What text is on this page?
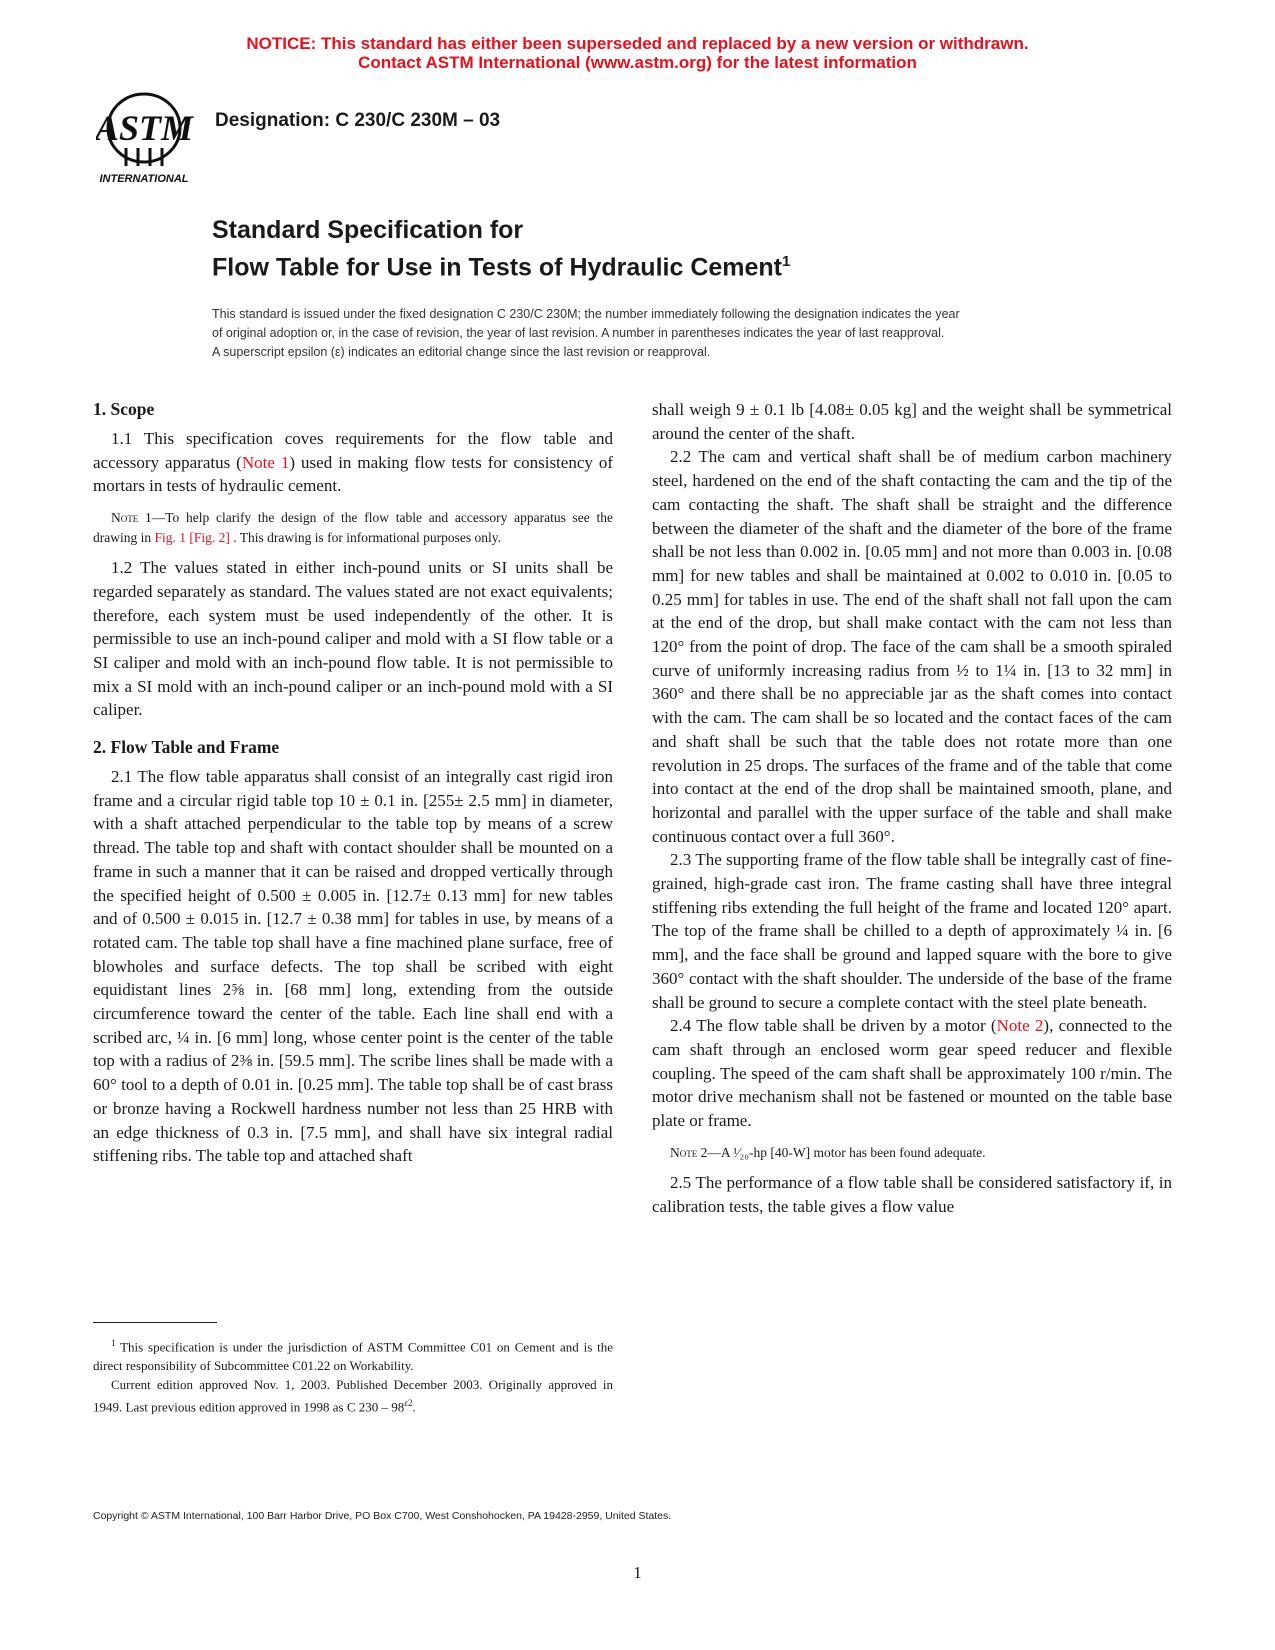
NOTICE: This standard has either been superseded and replaced by a new version or withdrawn.
Contact ASTM International (www.astm.org) for the latest information
ASTM
INTERNATIONAL
Designation: C 230/C 230M – 03
Standard Specification for
Flow Table for Use in Tests of Hydraulic Cement$^1$
This standard is issued under the fixed designation C 230/C 230M; the number immediately following the designation indicates the year
of original adoption or, in the case of revision, the year of last revision. A number in parentheses indicates the year of last reapproval.
A superscript epsilon (ε) indicates an editorial change since the last revision or reapproval.
1. Scope

1.1 This specification coves requirements for the flow table and accessory apparatus (Note 1) used in making flow tests for consistency of mortars in tests of hydraulic cement.

Note 1—To help clarify the design of the flow table and accessory apparatus see the drawing in Fig. 1 [Fig. 2] . This drawing is for informational purposes only.

1.2 The values stated in either inch-pound units or SI units shall be regarded separately as standard. The values stated are not exact equivalents; therefore, each system must be used independently of the other. It is permissible to use an inch-pound caliper and mold with a SI flow table or a SI caliper and mold with an inch-pound flow table. It is not permissible to mix a SI mold with an inch-pound caliper or an inch-pound mold with a SI caliper.

2. Flow Table and Frame

2.1 The flow table apparatus shall consist of an integrally cast rigid iron frame and a circular rigid table top 10 ± 0.1 in. [255± 2.5 mm] in diameter, with a shaft attached perpendicular to the table top by means of a screw thread. The table top and shaft with contact shoulder shall be mounted on a frame in such a manner that it can be raised and dropped vertically through the specified height of 0.500 ± 0.005 in. [12.7± 0.13 mm] for new tables and of 0.500 ± 0.015 in. [12.7 ± 0.38 mm] for tables in use, by means of a rotated cam. The table top shall have a fine machined plane surface, free of blowholes and surface defects. The top shall be scribed with eight equidistant lines 2⅝ in. [68 mm] long, extending from the outside circumference toward the center of the table. Each line shall end with a scribed arc, ¼ in. [6 mm] long, whose center point is the center of the table top with a radius of 2⅜ in. [59.5 mm]. The scribe lines shall be made with a 60° tool to a depth of 0.01 in. [0.25 mm]. The table top shall be of cast brass or bronze having a Rockwell hardness number not less than 25 HRB with an edge thickness of 0.3 in. [7.5 mm], and shall have six integral radial stiffening ribs. The table top and attached shaft

shall weigh 9 ± 0.1 lb [4.08± 0.05 kg] and the weight shall be symmetrical around the center of the shaft.

2.2 The cam and vertical shaft shall be of medium carbon machinery steel, hardened on the end of the shaft contacting the cam and the tip of the cam contacting the shaft. The shaft shall be straight and the difference between the diameter of the shaft and the diameter of the bore of the frame shall be not less than 0.002 in. [0.05 mm] and not more than 0.003 in. [0.08 mm] for new tables and shall be maintained at 0.002 to 0.010 in. [0.05 to 0.25 mm] for tables in use. The end of the shaft shall not fall upon the cam at the end of the drop, but shall make contact with the cam not less than 120° from the point of drop. The face of the cam shall be a smooth spiraled curve of uniformly increasing radius from ½ to 1¼ in. [13 to 32 mm] in 360° and there shall be no appreciable jar as the shaft comes into contact with the cam. The cam shall be so located and the contact faces of the cam and shaft shall be such that the table does not rotate more than one revolution in 25 drops. The surfaces of the frame and of the table that come into contact at the end of the drop shall be maintained smooth, plane, and horizontal and parallel with the upper surface of the table and shall make continuous contact over a full 360°.

2.3 The supporting frame of the flow table shall be integrally cast of fine-grained, high-grade cast iron. The frame casting shall have three integral stiffening ribs extending the full height of the frame and located 120° apart. The top of the frame shall be chilled to a depth of approximately ¼ in. [6 mm], and the face shall be ground and lapped square with the bore to give 360° contact with the shaft shoulder. The underside of the base of the frame shall be ground to secure a complete contact with the steel plate beneath.

2.4 The flow table shall be driven by a motor (Note 2), connected to the cam shaft through an enclosed worm gear speed reducer and flexible coupling. The speed of the cam shaft shall be approximately 100 r/min. The motor drive mechanism shall not be fastened or mounted on the table base plate or frame.

Note 2—A ¹⁄₂₀-hp [40-W] motor has been found adequate.

2.5 The performance of a flow table shall be considered satisfactory if, in calibration tests, the table gives a flow value

$^1$ This specification is under the jurisdiction of ASTM Committee C01 on Cement and is the direct responsibility of Subcommittee C01.22 on Workability.

Current edition approved Nov. 1, 2003. Published December 2003. Originally approved in 1949. Last previous edition approved in 1998 as C $230 - 98^{\varepsilon 2}$.

Copyright © ASTM International, 100 Barr Harbor Drive, PO Box C700, West Conshohocken, PA 19428-2959, United States.
1
